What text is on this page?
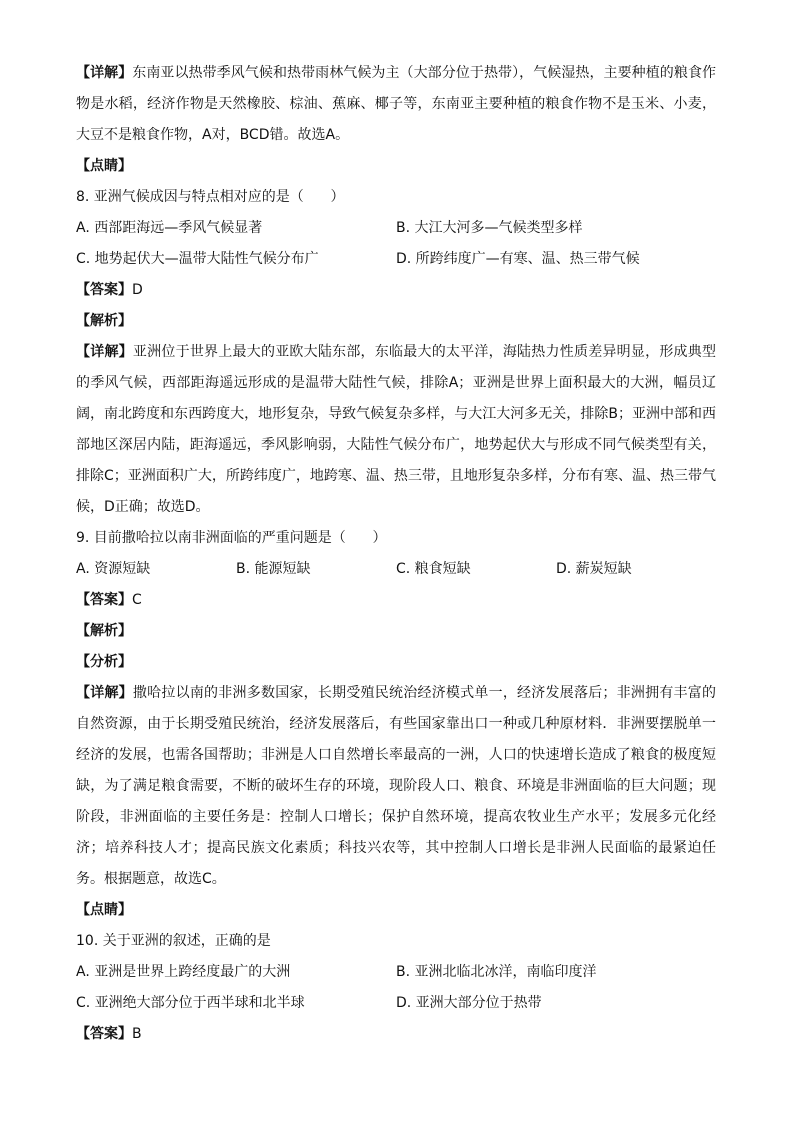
【详解】东南亚以热带季风气候和热带雨林气候为主（大部分位于热带），气候湿热，主要种植的粮食作物是水稻，经济作物是天然橡胶、棕油、蕉麻、椰子等，东南亚主要种植的粮食作物不是玉米、小麦，大豆不是粮食作物，A对，BCD错。故选A。

【点睛】

8. 亚洲气候成因与特点相对应的是（      ）

A. 西部距海远—季风气候显著	B. 大江大河多—气候类型多样
C. 地势起伏大—温带大陆性气候分布广	D. 所跨纬度广—有寒、温、热三带气候

【答案】D

【解析】

【详解】亚洲位于世界上最大的亚欧大陆东部，东临最大的太平洋，海陆热力性质差异明显，形成典型的季风气候，西部距海遥远形成的是温带大陆性气候，排除A；亚洲是世界上面积最大的大洲，幅员辽阔，南北跨度和东西跨度大，地形复杂，导致气候复杂多样，与大江大河多无关，排除B；亚洲中部和西部地区深居内陆，距海遥远，季风影响弱，大陆性气候分布广，地势起伏大与形成不同气候类型有关，排除C；亚洲面积广大，所跨纬度广，地跨寒、温、热三带，且地形复杂多样，分布有寒、温、热三带气候，D正确；故选D。

9. 目前撒哈拉以南非洲面临的严重问题是（      ）

A. 资源短缺	B. 能源短缺	C. 粮食短缺	D. 薪炭短缺

【答案】C

【解析】

【分析】

【详解】撒哈拉以南的非洲多数国家，长期受殖民统治经济模式单一，经济发展落后；非洲拥有丰富的自然资源，由于长期受殖民统治，经济发展落后，有些国家靠出口一种或几种原材料．非洲要摆脱单一经济的发展，也需各国帮助；非洲是人口自然增长率最高的一洲，人口的快速增长造成了粮食的极度短缺，为了满足粮食需要，不断的破坏生存的环境，现阶段人口、粮食、环境是非洲面临的巨大问题；现阶段，非洲面临的主要任务是：控制人口增长；保护自然环境，提高农牧业生产水平；发展多元化经济；培养科技人才；提高民族文化素质；科技兴农等，其中控制人口增长是非洲人民面临的最紧迫任务。根据题意，故选C。

【点睛】

10. 关于亚洲的叙述，正确的是

A. 亚洲是世界上跨经度最广的大洲	B. 亚洲北临北冰洋，南临印度洋
C. 亚洲绝大部分位于西半球和北半球	D. 亚洲大部分位于热带

【答案】B
